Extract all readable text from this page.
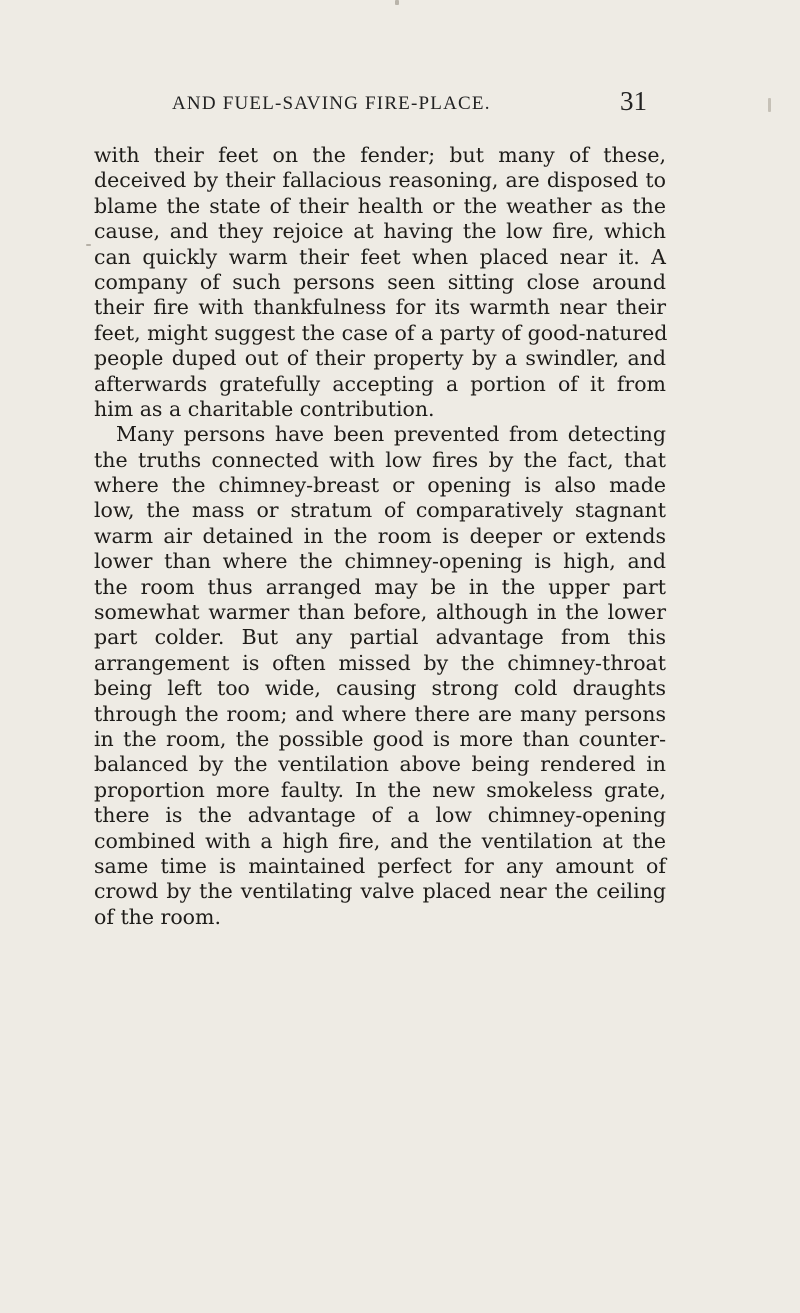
AND FUEL-SAVING FIRE-PLACE.	31
with their feet on the fender; but many of these,
deceived by their fallacious reasoning, are disposed to
blame the state of their health or the weather as the
cause, and they rejoice at having the low fire, which
can quickly warm their feet when placed near it. A
company of such persons seen sitting close around
their fire with thankfulness for its warmth near their
feet, might suggest the case of a party of good-natured
people duped out of their property by a swindler, and
afterwards gratefully accepting a portion of it from
him as a charitable contribution.
Many persons have been prevented from detecting
the truths connected with low fires by the fact, that
where the chimney-breast or opening is also made
low, the mass or stratum of comparatively stagnant
warm air detained in the room is deeper or extends
lower than where the chimney-opening is high, and
the room thus arranged may be in the upper part
somewhat warmer than before, although in the lower
part colder. But any partial advantage from this
arrangement is often missed by the chimney-throat
being left too wide, causing strong cold draughts
through the room; and where there are many persons
in the room, the possible good is more than counter-
balanced by the ventilation above being rendered in
proportion more faulty. In the new smokeless grate,
there is the advantage of a low chimney-opening
combined with a high fire, and the ventilation at the
same time is maintained perfect for any amount of
crowd by the ventilating valve placed near the ceiling
of the room.
